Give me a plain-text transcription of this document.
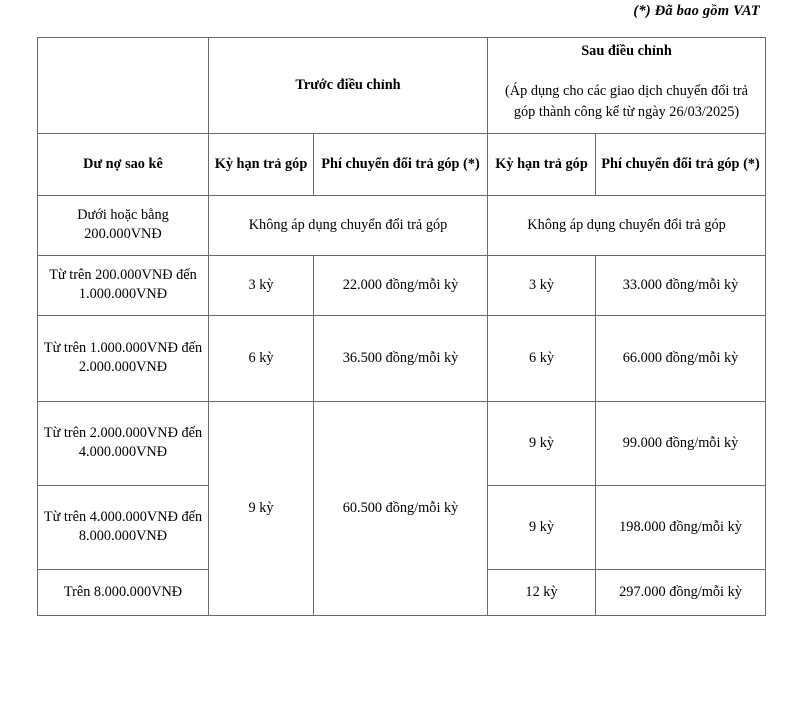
(*) Đã bao gồm VAT
	Trước điều chỉnh		Sau điều chỉnh
(Áp dụng cho các giao dịch chuyển đổi trả góp thành công kể từ ngày 26/03/2025)	

Dư nợ sao kê	Kỳ hạn trả góp	Phí chuyển đổi trả góp (*)	Kỳ hạn trả góp	Phí chuyển đổi trả góp (*)
Dưới hoặc bằng 200.000VNĐ	Không áp dụng chuyển đổi trả góp		Không áp dụng chuyển đổi trả góp	
Từ trên 200.000VNĐ đến 1.000.000VNĐ	3 kỳ	22.000 đồng/mỗi kỳ	3 kỳ	33.000 đồng/mỗi kỳ
Từ trên 1.000.000VNĐ đến 2.000.000VNĐ	6 kỳ	36.500 đồng/mỗi kỳ	6 kỳ	66.000 đồng/mỗi kỳ
Từ trên 2.000.000VNĐ đến 4.000.000VNĐ	9 kỳ	60.500 đồng/mỗi kỳ	9 kỳ	99.000 đồng/mỗi kỳ
Từ trên 4.000.000VNĐ đến 8.000.000VNĐ			9 kỳ	198.000 đồng/mỗi kỳ
Trên 8.000.000VNĐ			12 kỳ	297.000 đồng/mỗi kỳ
